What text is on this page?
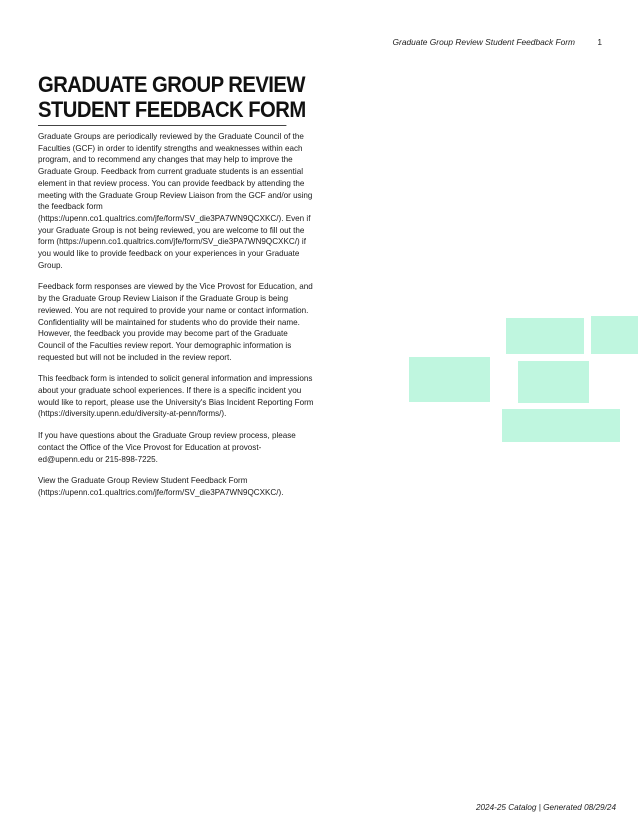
Graduate Group Review Student Feedback Form	1
GRADUATE GROUP REVIEW
STUDENT FEEDBACK FORM

Graduate Groups are periodically reviewed by the Graduate Council of the Faculties (GCF) in order to identify strengths and weaknesses within each program, and to recommend any changes that may help to improve the Graduate Group. Feedback from current graduate students is an essential element in that review process. You can provide feedback by attending the meeting with the Graduate Group Review Liaison from the GCF and/or using the feedback form (https://upenn.co1.qualtrics.com/jfe/form/SV_die3PA7WN9QCXKC/). Even if your Graduate Group is not being reviewed, you are welcome to fill out the form (https://upenn.co1.qualtrics.com/jfe/form/SV_die3PA7WN9QCXKC/) if you would like to provide feedback on your experiences in your Graduate Group.

Feedback form responses are viewed by the Vice Provost for Education, and by the Graduate Group Review Liaison if the Graduate Group is being reviewed. You are not required to provide your name or contact information. Confidentiality will be maintained for students who do provide their name. However, the feedback you provide may become part of the Graduate Council of the Faculties review report. Your demographic information is requested but will not be included in the review report.

This feedback form is intended to solicit general information and impressions about your graduate school experiences. If there is a specific incident you would like to report, please use the University's Bias Incident Reporting Form (https://diversity.upenn.edu/diversity-at-penn/forms/).

If you have questions about the Graduate Group review process, please contact the Office of the Vice Provost for Education at provost-ed@upenn.edu or 215-898-7225.

View the Graduate Group Review Student Feedback Form (https://upenn.co1.qualtrics.com/jfe/form/SV_die3PA7WN9QCXKC/).

2024-25 Catalog | Generated 08/29/24
